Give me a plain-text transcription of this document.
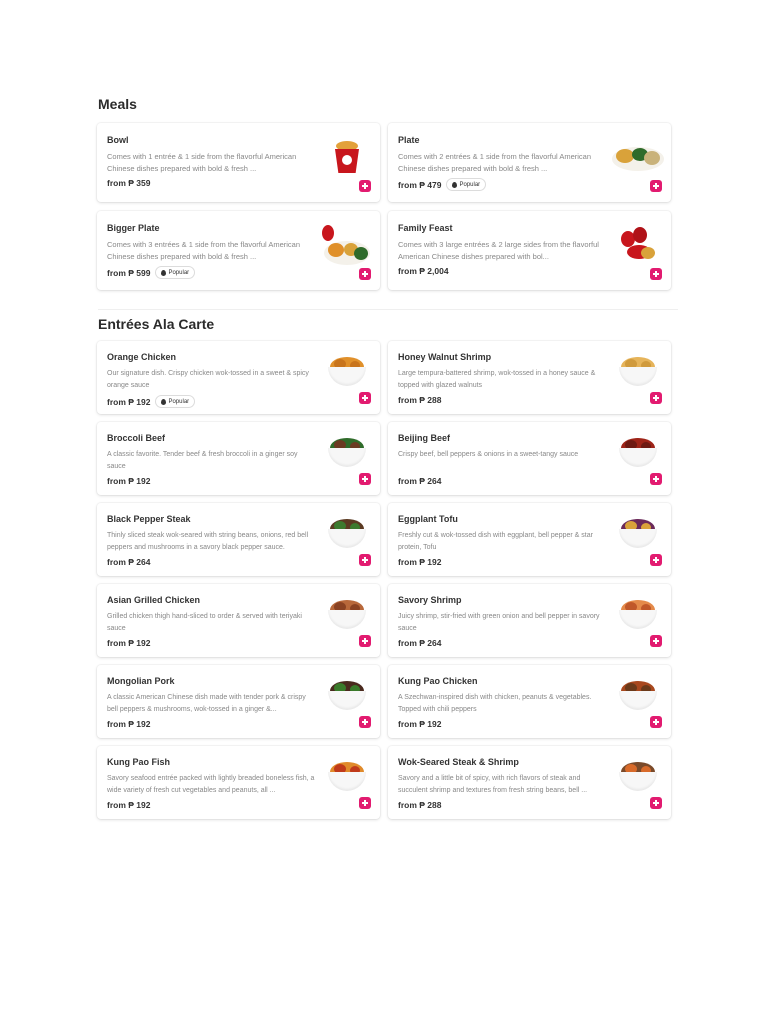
Meals
Bowl
Comes with 1 entrée & 1 side from the flavorful American Chinese dishes prepared with bold & fresh ...
from ₱ 359
Plate
Comes with 2 entrées & 1 side from the flavorful American Chinese dishes prepared with bold & fresh ...
from ₱ 479	Popular
Bigger Plate
Comes with 3 entrées & 1 side from the flavorful American Chinese dishes prepared with bold & fresh ...
from ₱ 599	Popular
Family Feast
Comes with 3 large entrées & 2 large sides from the flavorful American Chinese dishes prepared with bol...
from ₱ 2,004
Entrées Ala Carte
Orange Chicken
Our signature dish. Crispy chicken wok-tossed in a sweet & spicy orange sauce
from ₱ 192	Popular
Honey Walnut Shrimp
Large tempura-battered shrimp, wok-tossed in a honey sauce & topped with glazed walnuts
from ₱ 288
Broccoli Beef
A classic favorite. Tender beef & fresh broccoli in a ginger soy sauce
from ₱ 192
Beijing Beef
Crispy beef, bell peppers & onions in a sweet-tangy sauce
from ₱ 264
Black Pepper Steak
Thinly sliced steak wok-seared with string beans, onions, red bell peppers and mushrooms in a savory black pepper sauce.
from ₱ 264
Eggplant Tofu
Freshly cut & wok-tossed dish with eggplant, bell pepper & star protein, Tofu
from ₱ 192
Asian Grilled Chicken
Grilled chicken thigh hand-sliced to order & served with teriyaki sauce
from ₱ 192
Savory Shrimp
Juicy shrimp, stir-fried with green onion and bell pepper in savory sauce
from ₱ 264
Mongolian Pork
A classic American Chinese dish made with tender pork & crispy bell peppers & mushrooms, wok-tossed in a ginger &...
from ₱ 192
Kung Pao Chicken
A Szechwan-inspired dish with chicken, peanuts & vegetables. Topped with chili peppers
from ₱ 192
Kung Pao Fish
Savory seafood entrée packed with lightly breaded boneless fish, a wide variety of fresh cut vegetables and peanuts, all ...
from ₱ 192
Wok-Seared Steak & Shrimp
Savory and a little bit of spicy, with rich flavors of steak and succulent shrimp and textures from fresh string beans, bell ...
from ₱ 288
